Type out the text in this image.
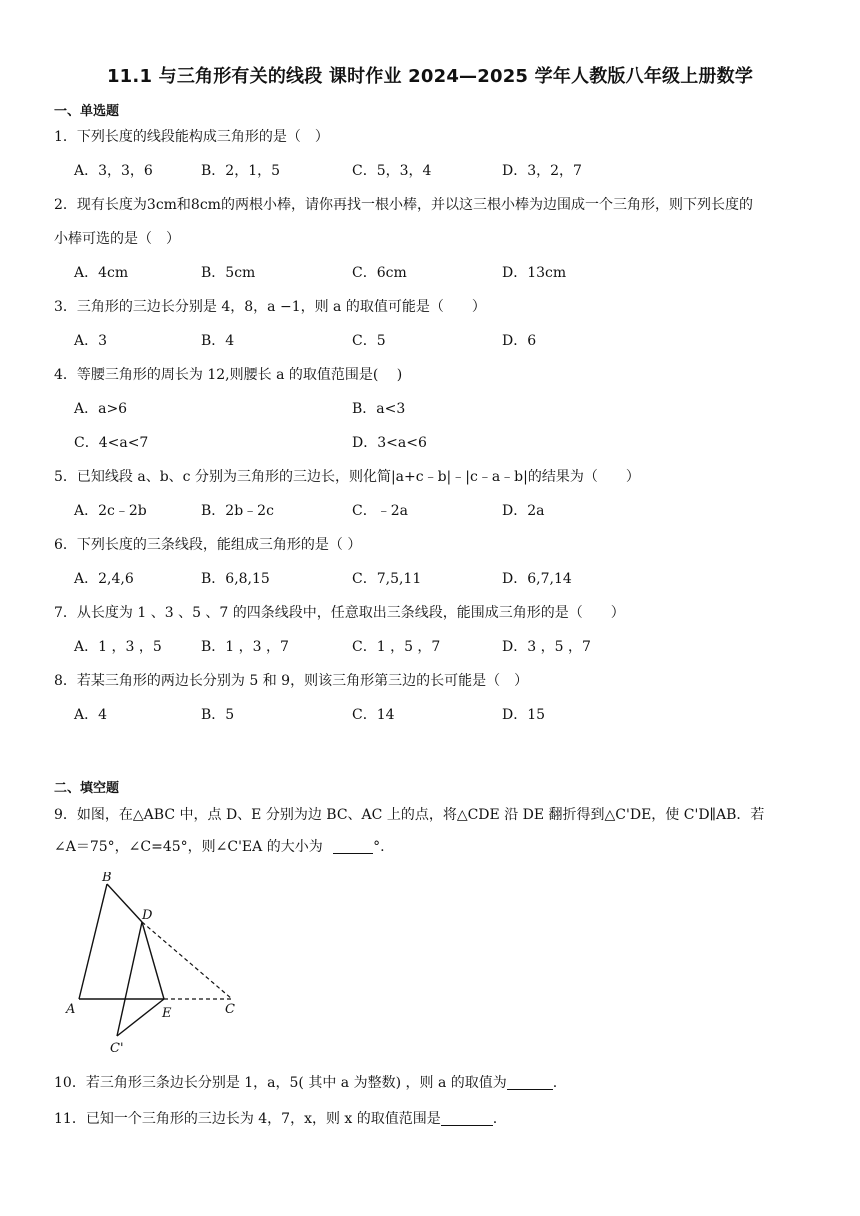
11.1 与三角形有关的线段 课时作业 2024—2025 学年人教版八年级上册数学
一、单选题
1．下列长度的线段能构成三角形的是（　）
A．3，3，6	B．2，1，5	C．5，3，4	D．3，2，7
2．现有长度为3cm和8cm的两根小棒，请你再找一根小棒，并以这三根小棒为边围成一个三角形，则下列长度的
小棒可选的是（　）
A．4cm	B．5cm	C．6cm	D．13cm
3．三角形的三边长分别是 4，8，a −1，则 a 的取值可能是（　　）
A．3	B．4	C．5	D．6
4．等腰三角形的周长为 12,则腰长 a 的取值范围是(　 )
A．a>6	B．a<3
C．4<a<7	D．3<a<6
5．已知线段 a、b、c 分别为三角形的三边长，则化简|a+c﹣b|﹣|c﹣a﹣b|的结果为（　　）
A．2c﹣2b	B．2b﹣2c	C．﹣2a	D．2a
6．下列长度的三条线段，能组成三角形的是（ ）
A．2,4,6	B．6,8,15	C．7,5,11	D．6,7,14
7．从长度为 1 、3 、5 、7 的四条线段中，任意取出三条线段，能围成三角形的是（　　）
A．1 ，3 ，5	B．1 ，3 ，7	C．1 ，5 ，7	D．3 ，5 ，7
8．若某三角形的两边长分别为 5 和 9，则该三角形第三边的长可能是（　）
A．4	B．5	C．14	D．15
二、填空题
9．如图，在△ABC 中，点 D、E 分别为边 BC、AC 上的点，将△CDE 沿 DE 翻折得到△C'DE，使 C'D∥AB．若
∠A＝75°，∠C=45°，则∠C'EA 的大小为	°.
B
D
A	E	C
C'
10．若三角形三条边长分别是 1，a，5( 其中 a 为整数) ，则 a 的取值为	.
11．已知一个三角形的三边长为 4，7，x，则 x 的取值范围是	.
